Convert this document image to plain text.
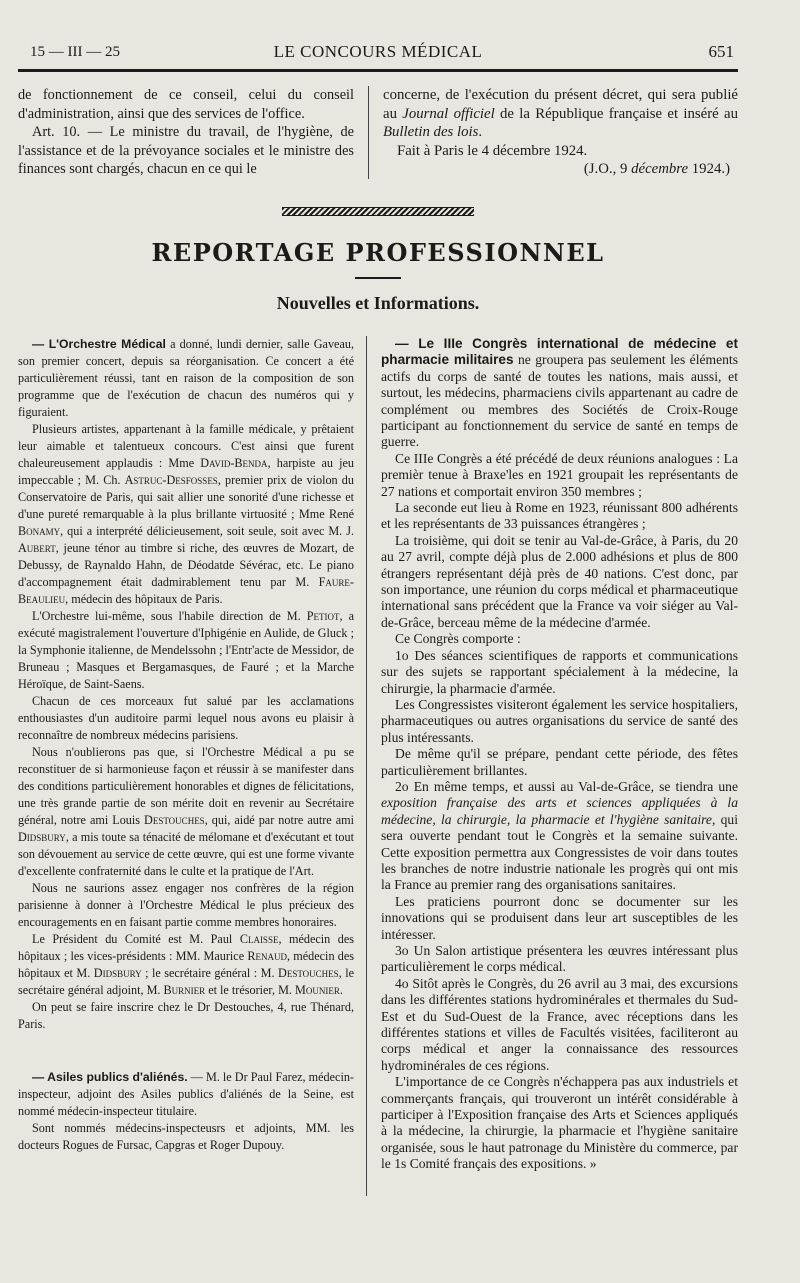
15 — III — 25	LE CONCOURS MÉDICAL	651

de fonctionnement de ce conseil, celui du conseil d'administration, ainsi que des services de l'office.

Art. 10. — Le ministre du travail, de l'hygiène, de l'assistance et de la prévoyance sociales et le ministre des finances sont chargés, chacun en ce qui le

concerne, de l'exécution du présent décret, qui sera publié au Journal officiel de la République française et inséré au Bulletin des lois.

Fait à Paris le 4 décembre 1924.

(J.O., 9 décembre 1924.)

REPORTAGE PROFESSIONNEL
Nouvelles et Informations.

— L'Orchestre Médical a donné, lundi dernier, salle Gaveau, son premier concert, depuis sa réorganisation. Ce concert a été particulièrement réussi, tant en raison de la composition de son programme que de l'exécution de chacun des numéros qui y figuraient.

Plusieurs artistes, appartenant à la famille médicale, y prêtaient leur aimable et talentueux concours. C'est ainsi que furent chaleureusement applaudis : Mme David-Benda, harpiste au jeu impeccable ; M. Ch. Astruc-Desfosses, premier prix de violon du Conservatoire de Paris, qui sait allier une sonorité d'une richesse et d'une pureté remarquable à la plus brillante virtuosité ; Mme René Bonamy, qui a interprété délicieusement, soit seule, soit avec M. J. Aubert, jeune ténor au timbre si riche, des œuvres de Mozart, de Debussy, de Raynaldo Hahn, de Déodatde Sévérac, etc. Le piano d'accompagnement était dadmirablement tenu par M. Faure-Beaulieu, médecin des hôpitaux de Paris.

L'Orchestre lui-même, sous l'habile direction de M. Petiot, a exécuté magistralement l'ouverture d'Iphigénie en Aulide, de Gluck ; la Symphonie italienne, de Mendelssohn ; l'Entr'acte de Messidor, de Bruneau ; Masques et Bergamasques, de Fauré ; et la Marche Héroïque, de Saint-Saens.

Chacun de ces morceaux fut salué par les acclamations enthousiastes d'un auditoire parmi lequel nous avons eu plaisir à reconnaître de nombreux médecins parisiens.

Nous n'oublierons pas que, si l'Orchestre Médical a pu se reconstituer de si harmonieuse façon et réussir à se manifester dans des conditions particulièrement honorables et dignes de félicitations, une très grande partie de son mérite doit en revenir au Secrétaire général, notre ami Louis Destouches, qui, aidé par notre autre ami Didsbury, a mis toute sa ténacité de mélomane et d'exécutant et tout son dévouement au service de cette œuvre, qui est une forme vivante d'excellente confraternité dans le culte et la pratique de l'Art.

Nous ne saurions assez engager nos confrères de la région parisienne à donner à l'Orchestre Médical le plus précieux des encouragements en en faisant partie comme membres honoraires.

Le Président du Comité est M. Paul Claisse, médecin des hôpitaux ; les vices-présidents : MM. Maurice Renaud, médecin des hôpitaux et M. Didsbury ; le secrétaire général : M. Destouches, le secrétaire général adjoint, M. Burnier et le trésorier, M. Mounier.

On peut se faire inscrire chez le Dr Destouches, 4, rue Thénard, Paris.

— Asiles publics d'aliénés. — M. le Dr Paul Farez, médecin-inspecteur, adjoint des Asiles publics d'aliénés de la Seine, est nommé médecin-inspecteur titulaire.

Sont nommés médecins-inspecteusrs et adjoints, MM. les docteurs Rogues de Fursac, Capgras et Roger Dupouy.

— Le IIIe Congrès international de médecine et pharmacie militaires ne groupera pas seulement les éléments actifs du corps de santé de toutes les nations, mais aussi, et surtout, les médecins, pharmaciens civils appartenant au cadre de complément ou membres des Sociétés de Croix-Rouge participant au fonctionnement du service de santé en temps de guerre.

Ce IIIe Congrès a été précédé de deux réunions analogues : La premièr tenue à Braxe'les en 1921 groupait les représentants de 27 nations et comportait environ 350 membres ;

La seconde eut lieu à Rome en 1923, réunissant 800 adhérents et les représentants de 33 puissances étrangères ;

La troisième, qui doit se tenir au Val-de-Grâce, à Paris, du 20 au 27 avril, compte déjà plus de 2.000 adhésions et plus de 800 étrangers représentant déjà près de 40 nations. C'est donc, par son importance, une réunion du corps médical et pharmaceutique international sans précédent que la France va voir siéger au Val-de-Grâce, berceau même de la médecine d'armée.

Ce Congrès comporte :

1o Des séances scientifiques de rapports et communications sur des sujets se rapportant spécialement à la médecine, la chirurgie, la pharmacie d'armée.

Les Congressistes visiteront également les service hospitaliers, pharmaceutiques ou autres organisations du service de santé des plus intéressants.

De même qu'il se prépare, pendant cette période, des fêtes particulièrement brillantes.

2o En même temps, et aussi au Val-de-Grâce, se tiendra une exposition française des arts et sciences appliquées à la médecine, la chirurgie, la pharmacie et l'hygiène sanitaire, qui sera ouverte pendant tout le Congrès et la semaine suivante. Cette exposition permettra aux Congressistes de voir dans toutes les branches de notre industrie nationale les progrès qui ont mis la France au premier rang des organisations sanitaires.

Les praticiens pourront donc se documenter sur les innovations qui se produisent dans leur art susceptibles de les intéresser.

3o Un Salon artistique présentera les œuvres intéressant plus particulièrement le corps médical.

4o Sitôt après le Congrès, du 26 avril au 3 mai, des excursions dans les différentes stations hydrominérales et thermales du Sud-Est et du Sud-Ouest de la France, avec réceptions dans les différentes stations et villes de Facultés visitées, faciliteront au corps médical et anger la connaissance des ressources hydrominérales de ces régions.

L'importance de ce Congrès n'échappera pas aux industriels et commerçants français, qui trouveront un intérêt considérable à participer à l'Exposition française des Arts et Sciences appliqués à la médecine, la chirurgie, la pharmacie et l'hygiène sanitaire organisée, sous le haut patronage du Ministère du commerce, par le 1s Comité français des expositions. »
